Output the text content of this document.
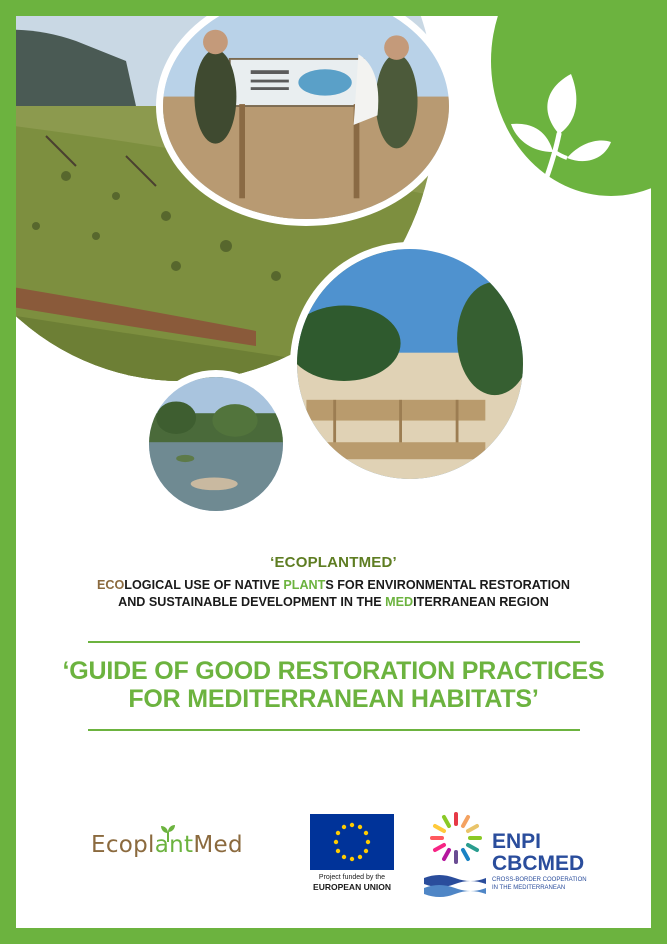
‘ECOPLANTMED’
ECOLOGICAL USE OF NATIVE PLANTS FOR ENVIRONMENTAL RESTORATION
AND SUSTAINABLE DEVELOPMENT IN THE MEDITERRANEAN REGION
‘GUIDE OF GOOD RESTORATION PRACTICES
FOR MEDITERRANEAN HABITATS’
EcoplantMed
Project funded by the
EUROPEAN UNION
ENPI
CBCMED
CROSS-BORDER COOPERATION IN THE MEDITERRANEAN
